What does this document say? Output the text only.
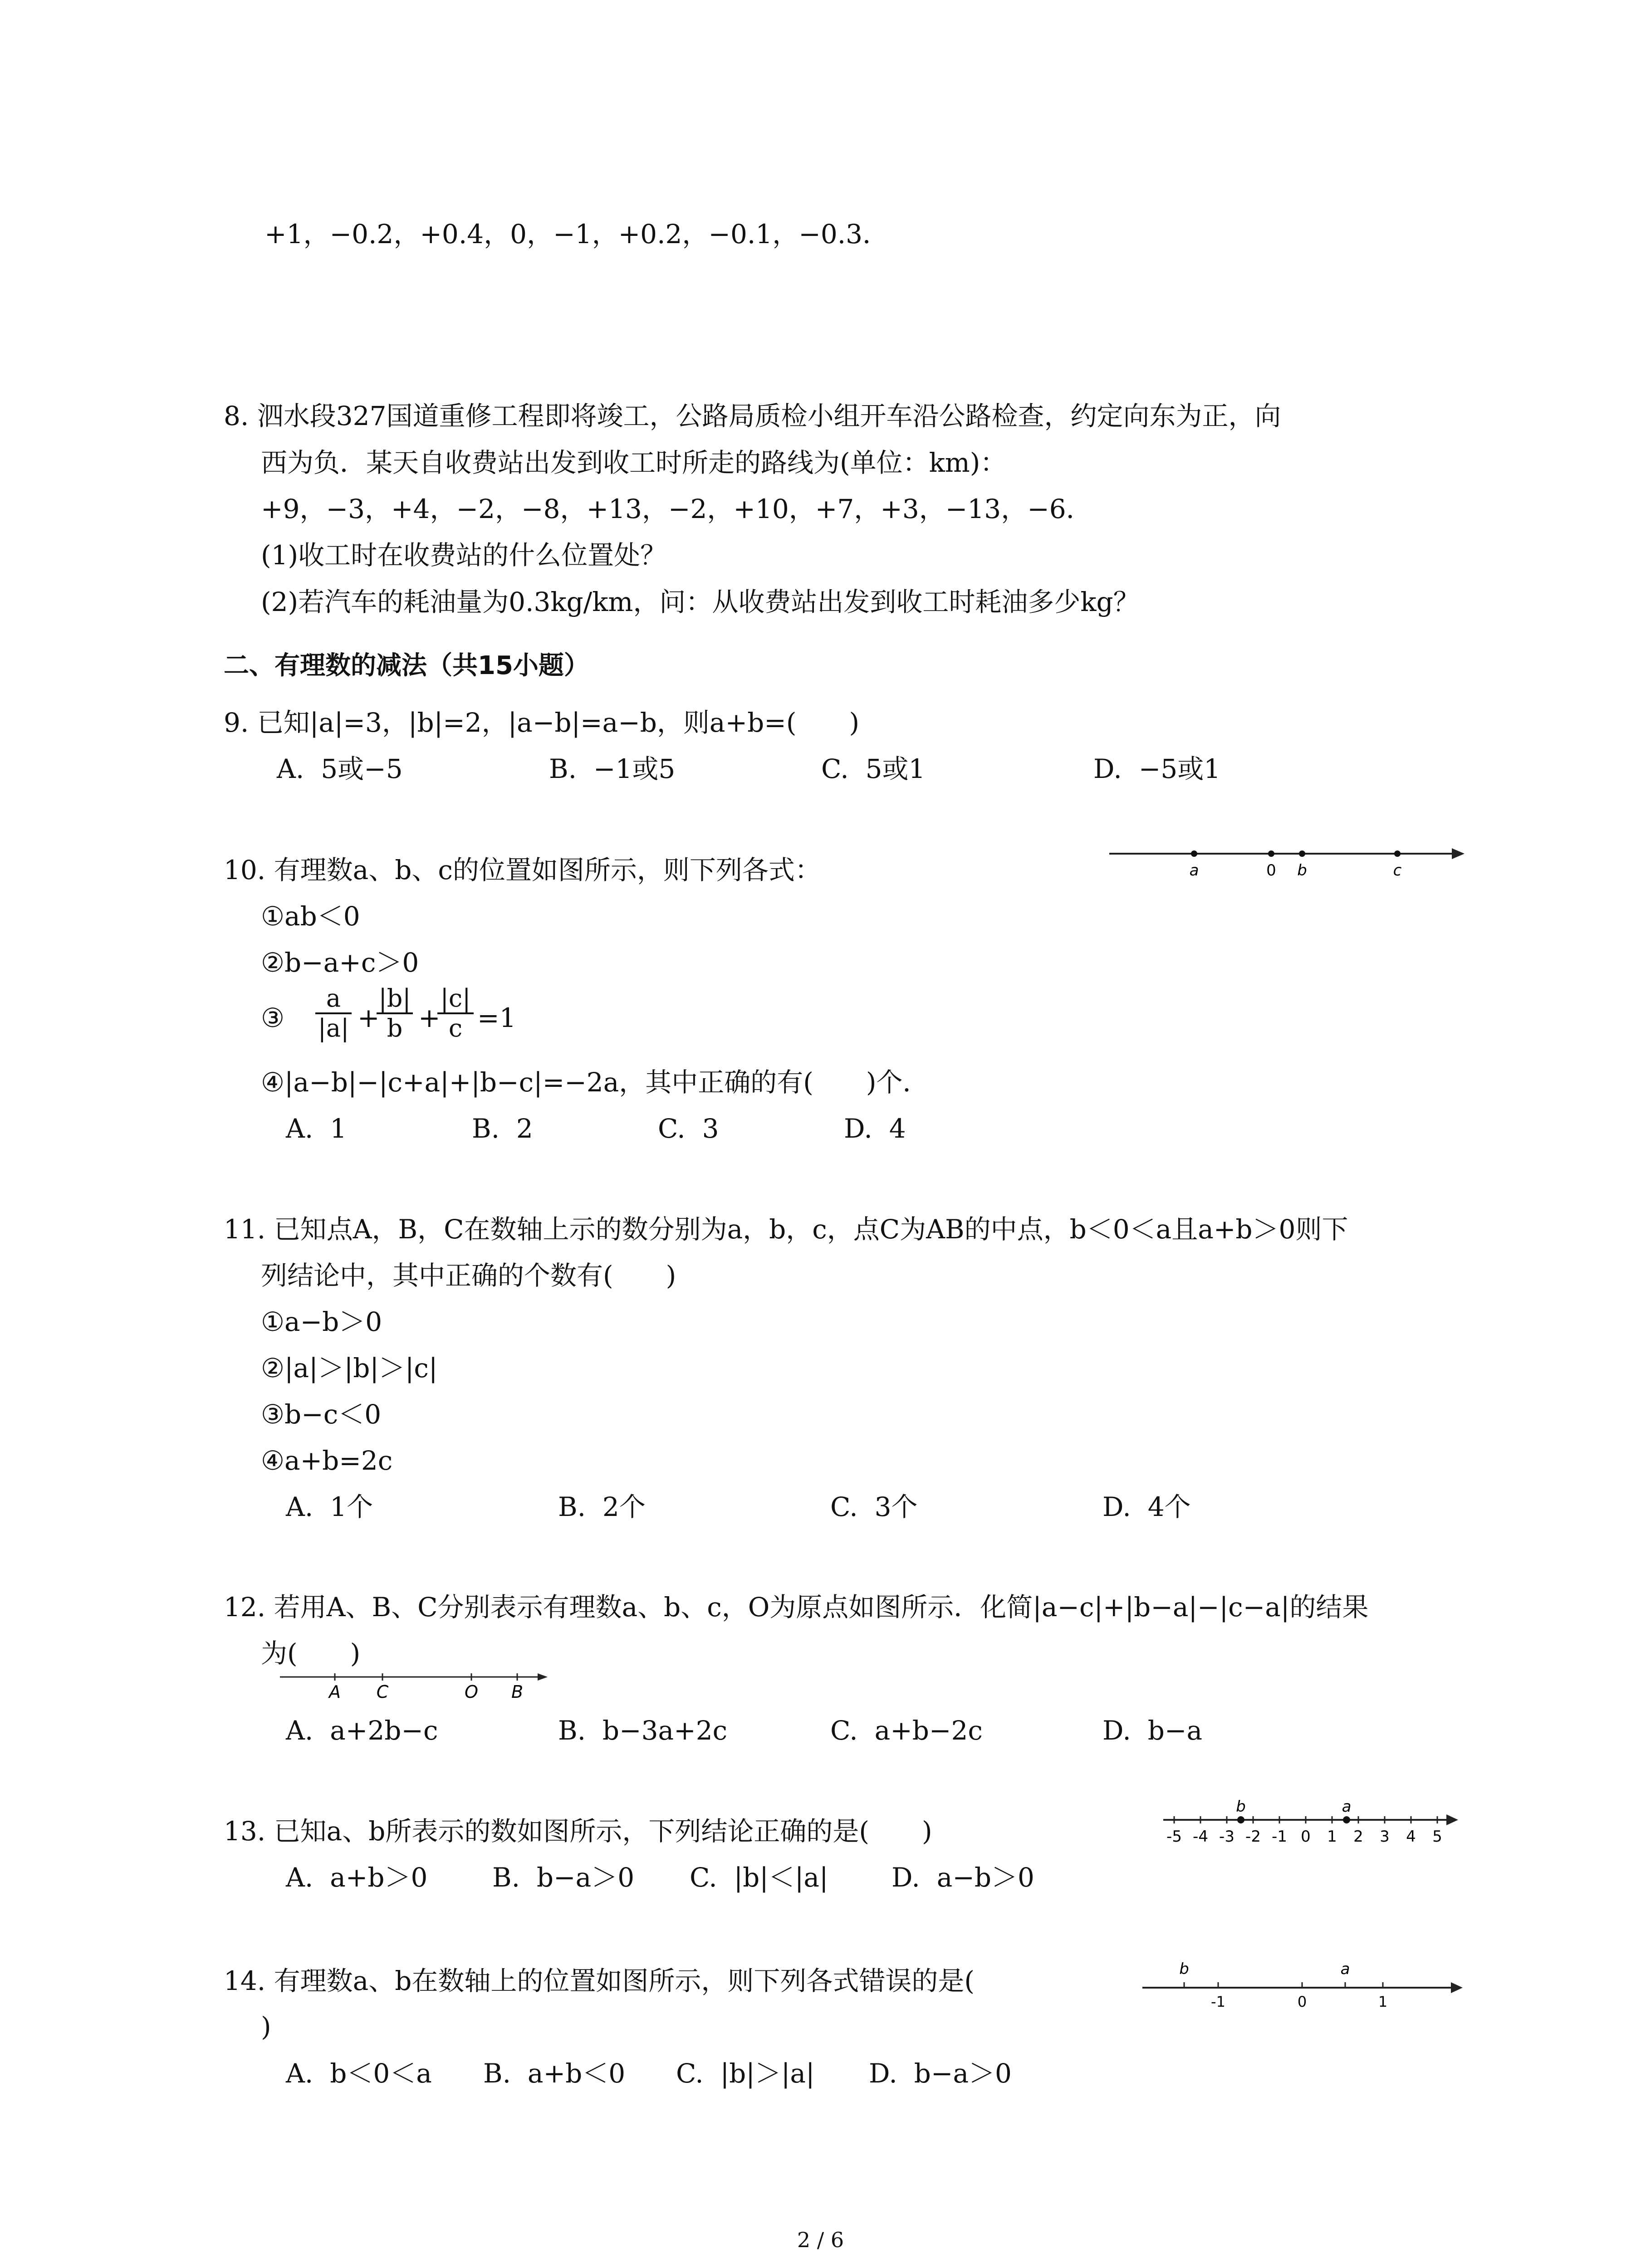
+1，−0.2，+0.4，0，−1，+0.2，−0.1，−0.3．
8. 泗水段327国道重修工程即将竣工，公路局质检小组开车沿公路检查，约定向东为正，向
西为负．某天自收费站出发到收工时所走的路线为(单位：km)：
+9，−3，+4，−2，−8，+13，−2，+10，+7，+3，−13，−6．
(1)收工时在收费站的什么位置处？
(2)若汽车的耗油量为0.3kg/km，问：从收费站出发到收工时耗油多少kg？
二、有理数的减法（共15小题）
9. 已知|a|=3，|b|=2，|a−b|=a−b，则a+b=(　　)
A.  5或−5	B.  −1或5	C.  5或1	D.  −5或1
10. 有理数a、b、c的位置如图所示，则下列各式：
①ab＜0
②b−a+c＞0
③ $\frac{a}{|a|}$ +
$\frac{|b|}{b}$ +
$\frac{|c|}{c} =1$
④|a−b|−|c+a|+|b−c|=−2a，其中正确的有(　　)个．
A.  1	B.  2	C.  3	D.  4
a	0 b	c
11. 已知点A，B，C在数轴上示的数分别为a，b，c，点C为AB的中点，b＜0＜a且a+b＞0则下
列结论中，其中正确的个数有(　　)
①a−b＞0
②|a|＞|b|＞|c|
③b−c＜0
④a+b=2c
A.  1个	B.  2个	C.  3个	D.  4个
12. 若用A、B、C分别表示有理数a、b、c，O为原点如图所示．化简|a−c|+|b−a|−|c−a|的结果
为(　　)
A C	O B
A.  a+2b−c	B.  b−3a+2c	C.  a+b−2c	D.  b−a
13. 已知a、b所表示的数如图所示，下列结论正确的是(　　)
A.  a+b＞0 B.  b−a＞0 C.  |b|＜|a| D.  a−b＞0
-5 -4 -3 -2 -1 0 1 2 3 4 5
b	a
14. 有理数a、b在数轴上的位置如图所示，则下列各式错误的是(
)
A.  b＜0＜a B.  a+b＜0 C.  |b|＞|a| D.  b−a＞0
b	a
-1	0	1
2 / 6
